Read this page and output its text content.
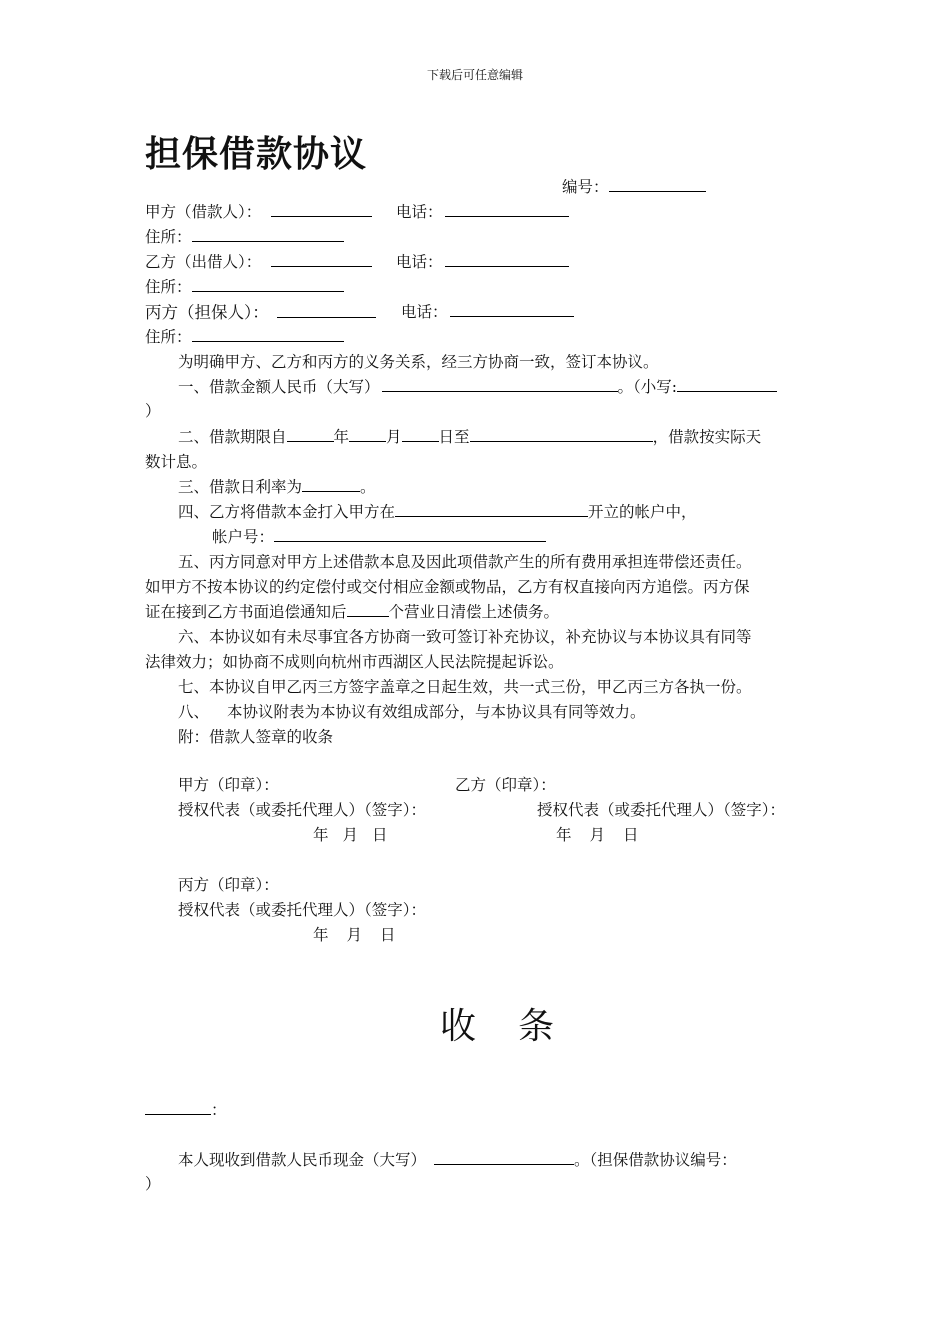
下载后可任意编辑
担保借款协议
编号：
甲方（借款人）：	电话：
住所：
乙方（出借人）：	电话：
住所：
丙方（担保人）：	电话：
住所：
为明确甲方、乙方和丙方的义务关系，经三方协商一致，签订本协议。
一、借款金额人民币（大写）	。（小写:
）
二、借款期限自	年 月 日至	，借款按实际天
数计息。
三、借款日利率为	。
四、乙方将借款本金打入甲方在	开立的帐户中，
帐户号：
五、丙方同意对甲方上述借款本息及因此项借款产生的所有费用承担连带偿还责任。
如甲方不按本协议的约定偿付或交付相应金额或物品，乙方有权直接向丙方追偿。丙方保
证在接到乙方书面追偿通知后	个营业日清偿上述债务。
六、本协议如有未尽事宜各方协商一致可签订补充协议，补充协议与本协议具有同等
法律效力；如协商不成则向杭州市西湖区人民法院提起诉讼。
七、本协议自甲乙丙三方签字盖章之日起生效，共一式三份，甲乙丙三方各执一份。
八、 本协议附表为本协议有效组成部分，与本协议具有同等效力。
附：借款人签章的收条
甲方（印章）：	乙方（印章）：
授权代表（或委托代理人）（签字）：	授权代表（或委托代理人）（签字）：
年 月 日	年 月 日
丙方（印章）：
授权代表（或委托代理人）（签字）：
年 月 日
收条
：
本人现收到借款人民币现金（大写）	。（担保借款协议编号：
）
